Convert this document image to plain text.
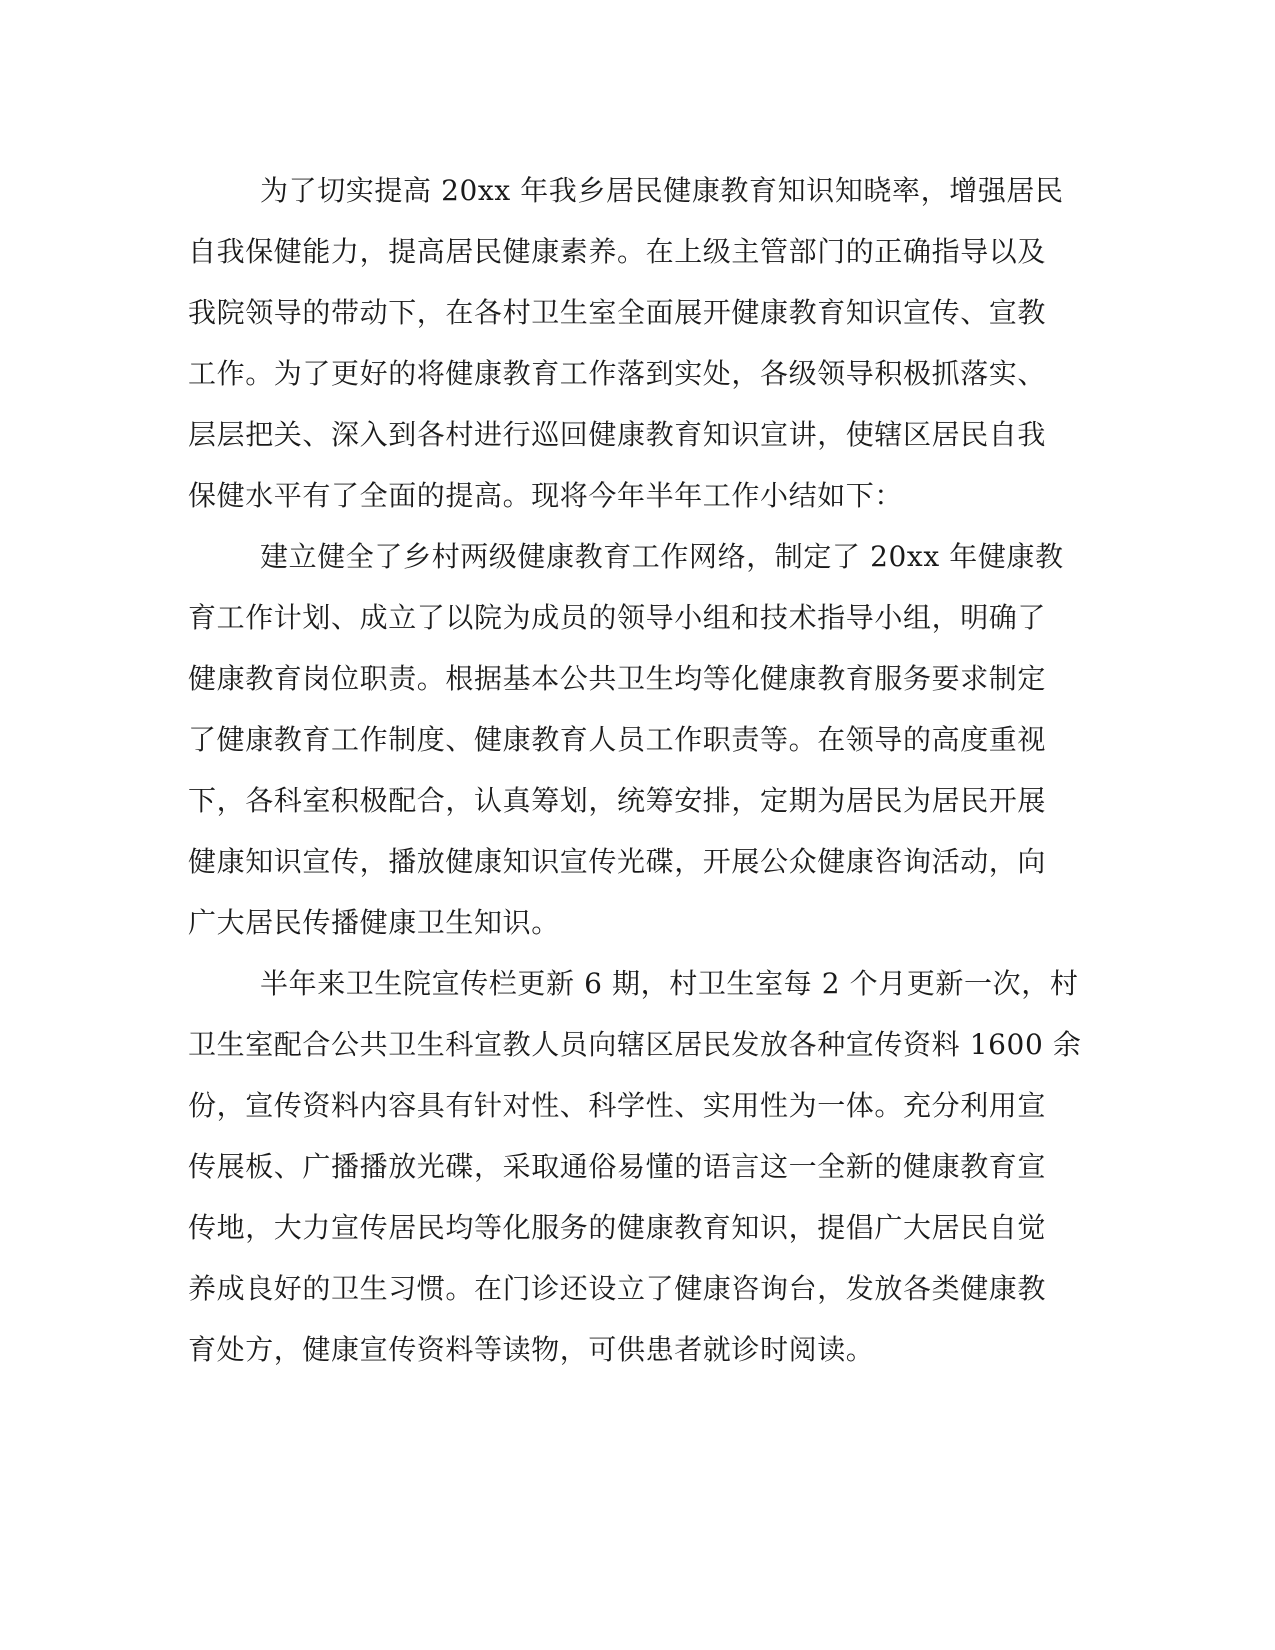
为了切实提高 20xx 年我乡居民健康教育知识知晓率，增强居民
自我保健能力，提高居民健康素养。在上级主管部门的正确指导以及
我院领导的带动下，在各村卫生室全面展开健康教育知识宣传、宣教
工作。为了更好的将健康教育工作落到实处，各级领导积极抓落实、
层层把关、深入到各村进行巡回健康教育知识宣讲，使辖区居民自我
保健水平有了全面的提高。现将今年半年工作小结如下：
建立健全了乡村两级健康教育工作网络，制定了 20xx 年健康教
育工作计划、成立了以院为成员的领导小组和技术指导小组，明确了
健康教育岗位职责。根据基本公共卫生均等化健康教育服务要求制定
了健康教育工作制度、健康教育人员工作职责等。在领导的高度重视
下，各科室积极配合，认真筹划，统筹安排，定期为居民为居民开展
健康知识宣传，播放健康知识宣传光碟，开展公众健康咨询活动，向
广大居民传播健康卫生知识。
半年来卫生院宣传栏更新 6 期，村卫生室每 2 个月更新一次，村
卫生室配合公共卫生科宣教人员向辖区居民发放各种宣传资料 1600 余
份，宣传资料内容具有针对性、科学性、实用性为一体。充分利用宣
传展板、广播播放光碟，采取通俗易懂的语言这一全新的健康教育宣
传地，大力宣传居民均等化服务的健康教育知识，提倡广大居民自觉
养成良好的卫生习惯。在门诊还设立了健康咨询台，发放各类健康教
育处方，健康宣传资料等读物，可供患者就诊时阅读。
